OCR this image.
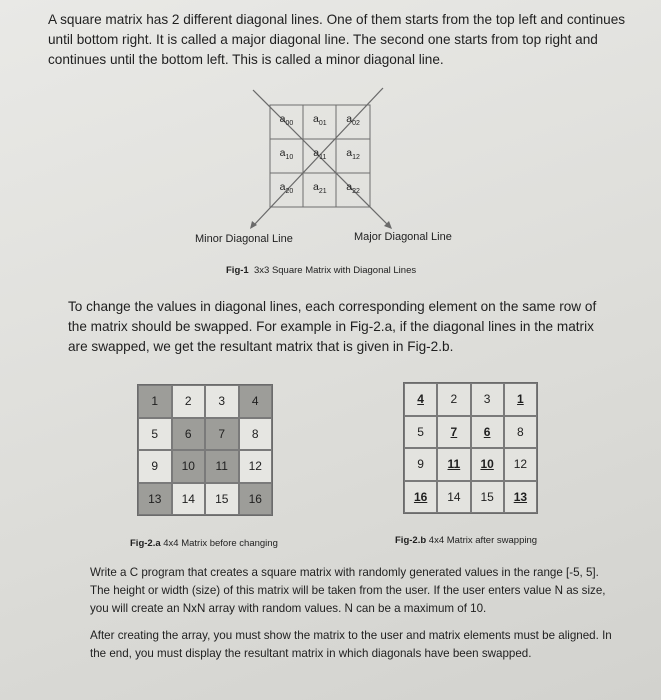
A square matrix has 2 different diagonal lines. One of them starts from the top left and continues until bottom right. It is called a major diagonal line. The second one starts from top right and continues until the bottom left. This is called a minor diagonal line.
$a_{00}$	$a_{01}$	$a_{02}$
$a_{10}$	$a_{11}$	$a_{12}$
$a_{20}$	$a_{21}$	$a_{22}$
Minor Diagonal Line	Major Diagonal Line
Fig-1 3x3 Square Matrix with Diagonal Lines
To change the values in diagonal lines, each corresponding element on the same row of the matrix should be swapped. For example in Fig-2.a, if the diagonal lines in the matrix are swapped, we get the resultant matrix that is given in Fig-2.b.
1	2	3	4
5	6	7	8
9	10	11	12
13	14	15	16
4	2	3	1
5	7	6	8
9	11	10	12
16	14	15	13
Fig-2.a 4x4 Matrix before changing	Fig-2.b 4x4 Matrix after swapping
Write a C program that creates a square matrix with randomly generated values in the range [-5, 5]. The height or width (size) of this matrix will be taken from the user. If the user enters value N as size, you will create an NxN array with random values. N can be a maximum of 10.
After creating the array, you must show the matrix to the user and matrix elements must be aligned. In the end, you must display the resultant matrix in which diagonals have been swapped.
